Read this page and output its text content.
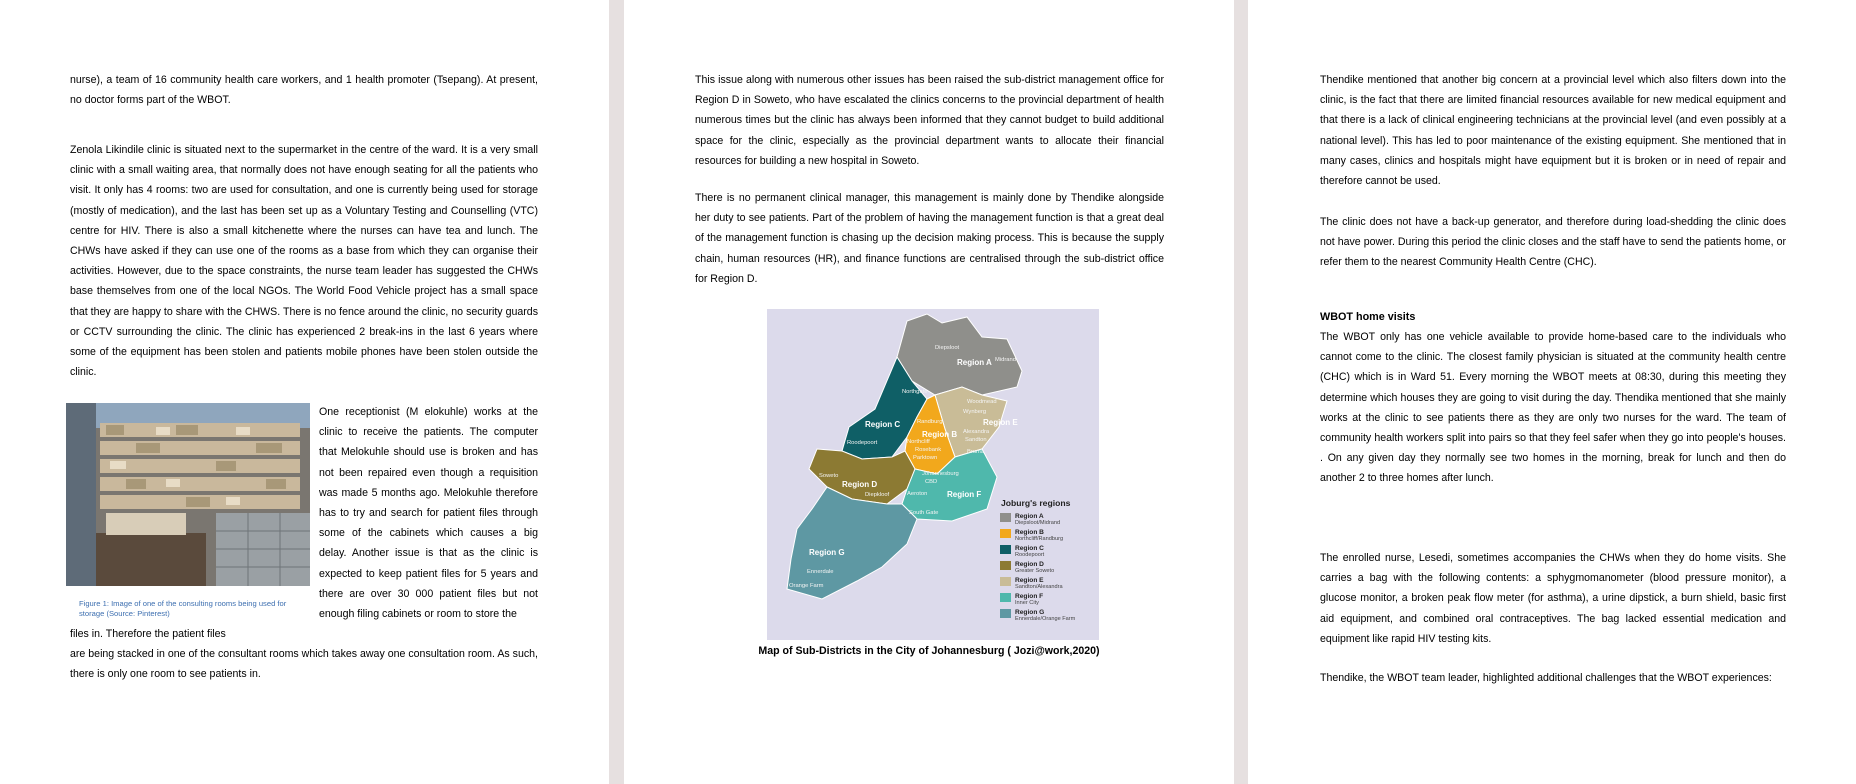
nurse), a team of 16 community health care workers, and 1 health promoter (Tsepang). At present, no doctor forms part of the WBOT.

Zenola Likindile clinic is situated next to the supermarket in the centre of the ward. It is a very small clinic with a small waiting area, that normally does not have enough seating for all the patients who visit. It only has 4 rooms: two are used for consultation, and one is currently being used for storage (mostly of medication), and the last has been set up as a Voluntary Testing and Counselling (VTC) centre for HIV. There is also a small kitchenette where the nurses can have tea and lunch. The CHWs have asked if they can use one of the rooms as a base from which they can organise their activities. However, due to the space constraints, the nurse team leader has suggested the CHWs base themselves from one of the local NGOs. The World Food Vehicle project has a small space that they are happy to share with the CHWS. There is no fence around the clinic, no security guards or CCTV surrounding the clinic. The clinic has experienced 2 break-ins in the last 6 years where some of the equipment has been stolen and patients mobile phones have been stolen outside the clinic.

Figure 1: Image of one of the consulting rooms being used for storage (Source: Pinterest)
One receptionist (M elokuhle) works at the clinic to receive the patients. The computer that Melokuhle should use is broken and has not been repaired even though a requisition was made 5 months ago. Melokuhle therefore has to try and search for patient files through some of the cabinets which causes a big delay. Another issue is that as the clinic is expected to keep patient files for 5 years and there are over 30 000 patient files but not enough filing cabinets or room to store the
files in. Therefore the patient files

are being stacked in one of the consultant rooms which takes away one consultation room. As such, there is only one room to see patients in.

This issue along with numerous other issues has been raised the sub-district management office for Region D in Soweto, who have escalated the clinics concerns to the provincial department of health numerous times but the clinic has always been informed that they cannot budget to build additional space for the clinic, especially as the provincial department wants to allocate their financial resources for building a new hospital in Soweto.

There is no permanent clinical manager, this management is mainly done by Thendike alongside her duty to see patients. Part of the problem of having the management function is that a great deal of the management function is chasing up the decision making process. This is because the supply chain, human resources (HR), and finance functions are centralised through the sub-district office for Region D.

Region A
Region B
Region C
Region D
Region E
Region F
Region G
Diepsloot
Midrand
Northgate
Woodmead
Wynberg
Randburg
Northcliff
Rosebank
Parktown
Alexandra
Sandton
Bruma
Roodepoort
Soweto
Diepkloof
Johannesburg
CBD
Aeroton
South Gate
Ennerdale
Orange Farm
Joburg's regions
Region A
Diepsloot/Midrand
Region B
Northcliff/Randburg
Region C
Roodepoort
Region D
Greater Soweto
Region E
Sandton/Alexandra
Region F
Inner City
Region G
Ennerdale/Orange Farm
Map of Sub-Districts in the City of Johannesburg ( Jozi@work,2020)

Thendike mentioned that another big concern at a provincial level which also filters down into the clinic, is the fact that there are limited financial resources available for new medical equipment and that there is a lack of clinical engineering technicians at the provincial level (and even possibly at a national level). This has led to poor maintenance of the existing equipment. She mentioned that in many cases, clinics and hospitals might have equipment but it is broken or in need of repair and therefore cannot be used.

The clinic does not have a back-up generator, and therefore during load-shedding the clinic does not have power. During this period the clinic closes and the staff have to send the patients home, or refer them to the nearest Community Health Centre (CHC).

WBOT home visits

The WBOT only has one vehicle available to provide home-based care to the individuals who cannot come to the clinic. The closest family physician is situated at the community health centre (CHC) which is in Ward 51. Every morning the WBOT meets at 08:30, during this meeting they determine which houses they are going to visit during the day. Thendika mentioned that she mainly works at the clinic to see patients there as they are only two nurses for the ward. The team of community health workers split into pairs so that they feel safer when they go into people's houses. . On any given day they normally see two homes in the morning, break for lunch and then do another 2 to three homes after lunch.

The enrolled nurse, Lesedi, sometimes accompanies the CHWs when they do home visits. She carries a bag with the following contents: a sphygmomanometer (blood pressure monitor), a glucose monitor, a broken peak flow meter (for asthma), a urine dipstick, a burn shield, basic first aid equipment, and combined oral contraceptives. The bag lacked essential medication and equipment like rapid HIV testing kits.

Thendike, the WBOT team leader, highlighted additional challenges that the WBOT experiences:
